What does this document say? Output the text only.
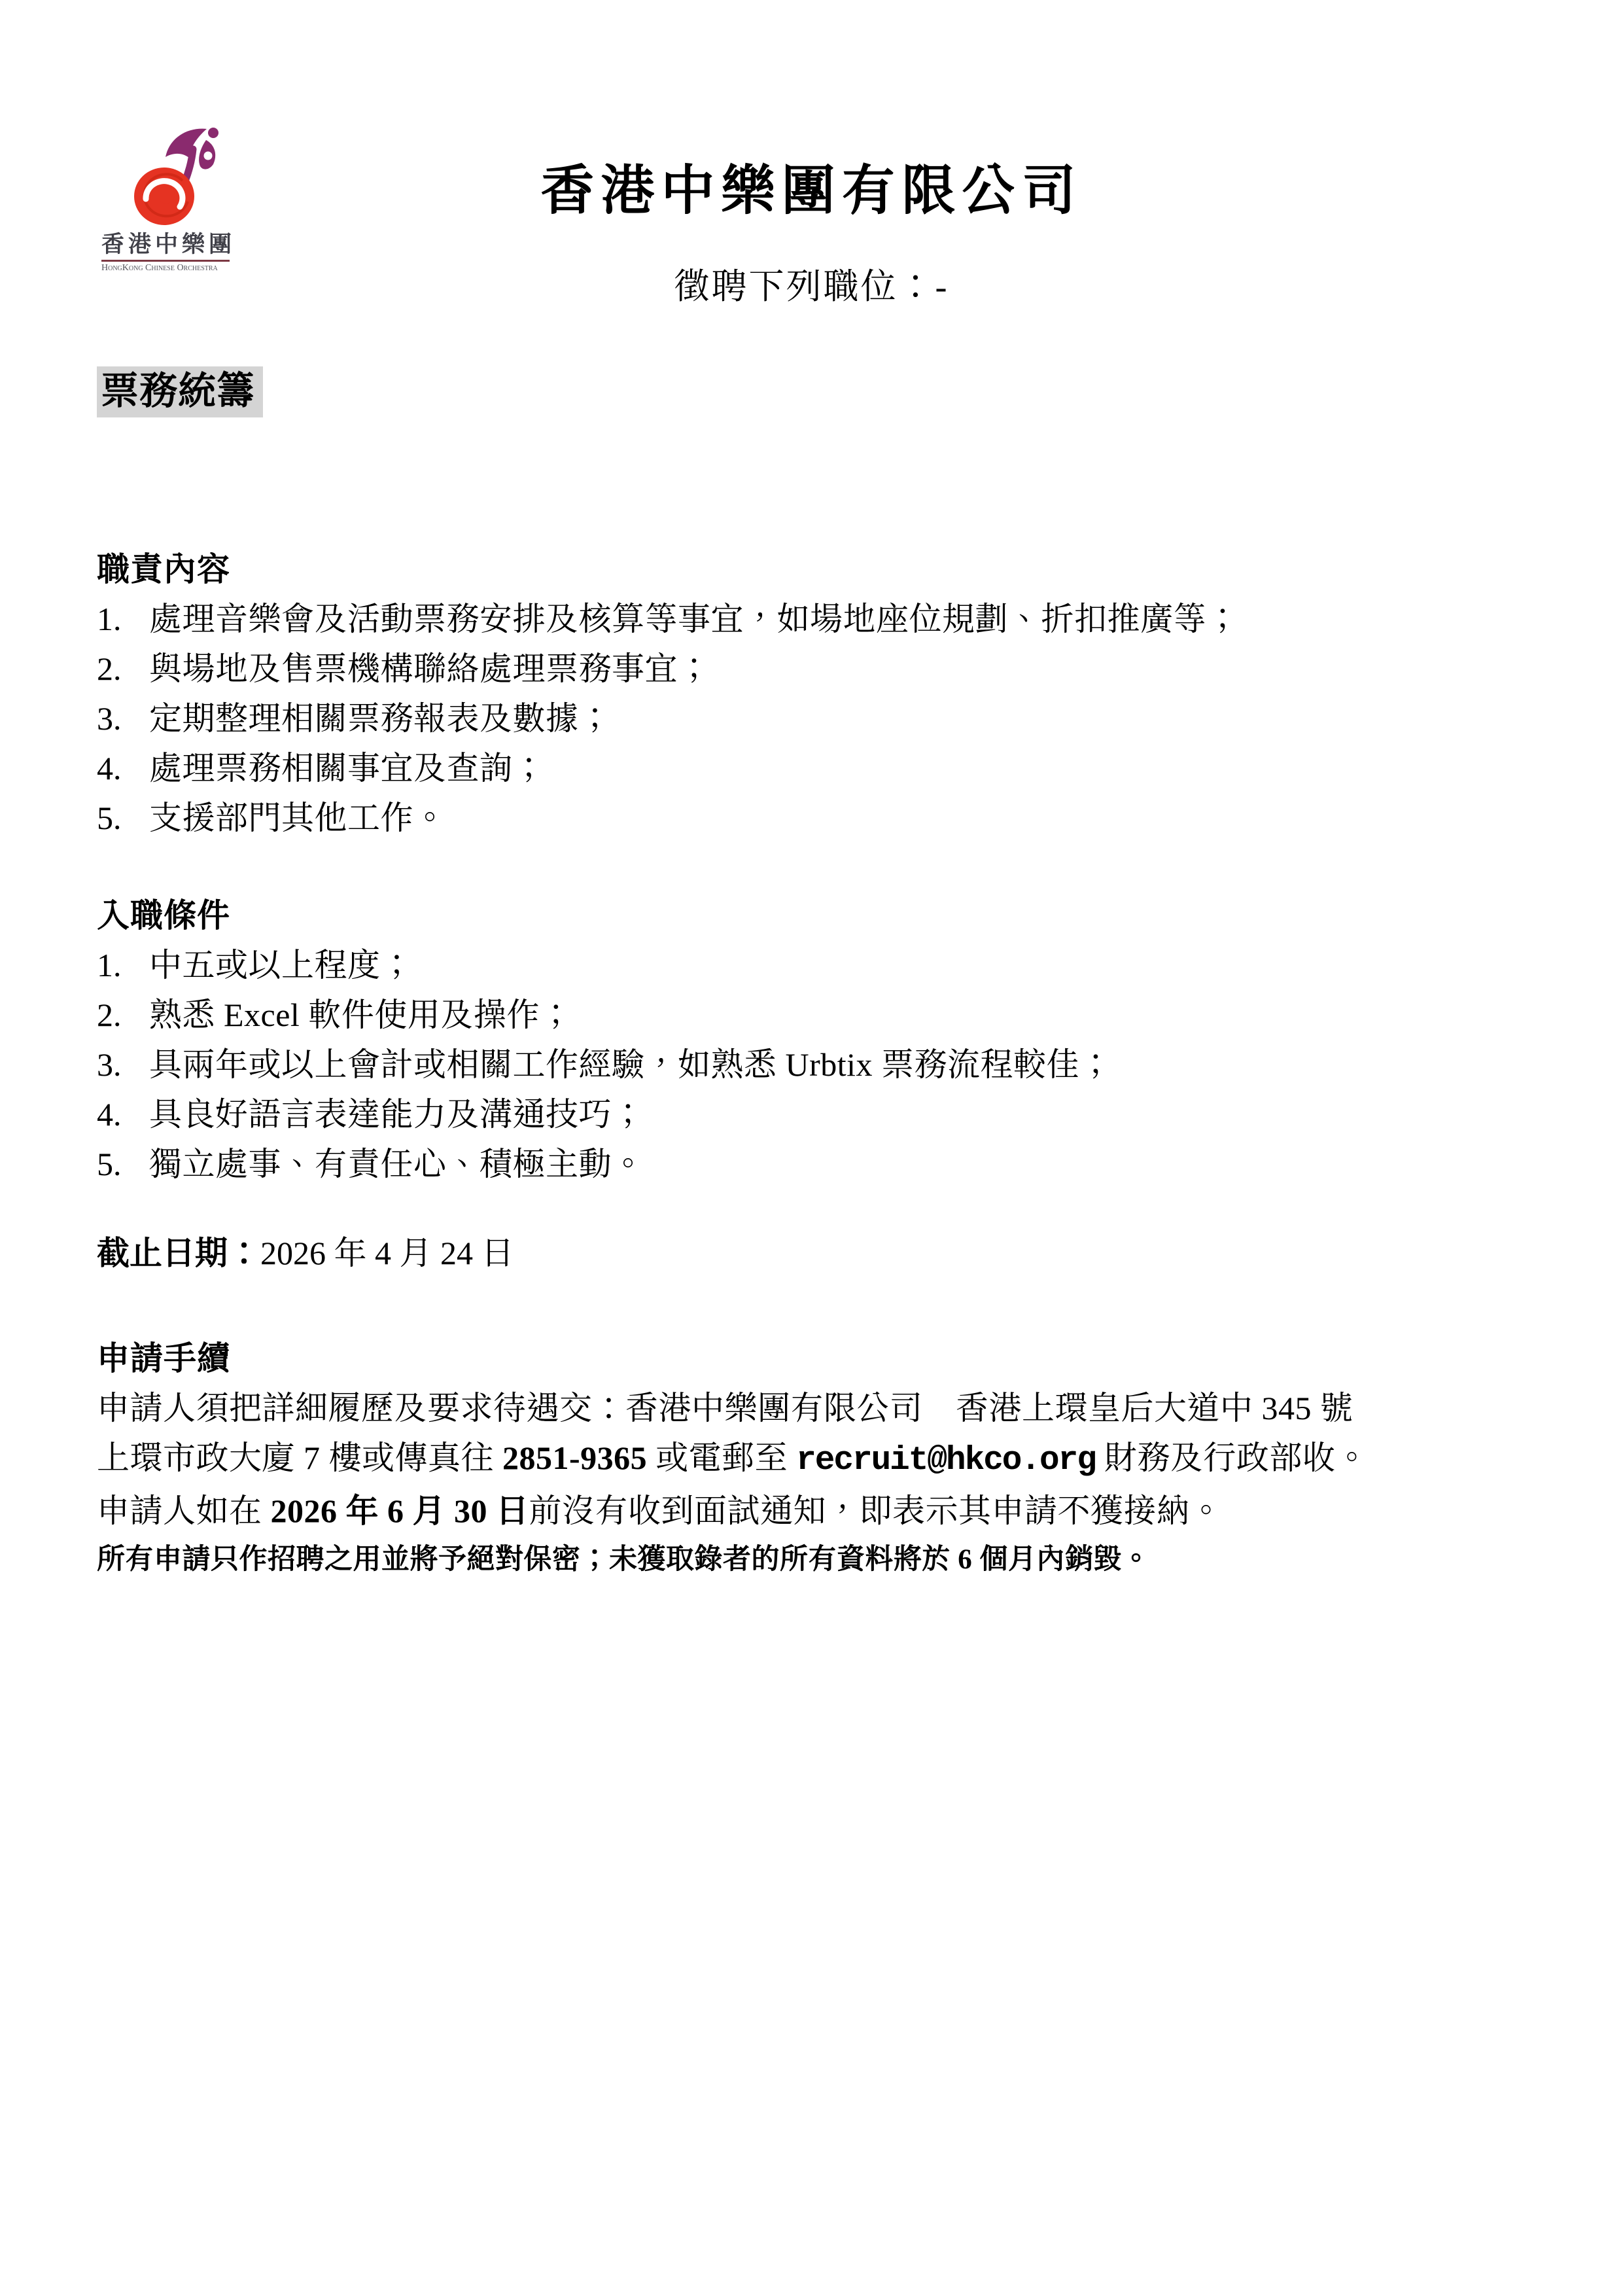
香港中樂團
HongKong Chinese Orchestra
香港中樂團有限公司
徵聘下列職位：-
票務統籌
職責內容
1. 處理音樂會及活動票務安排及核算等事宜，如場地座位規劃、折扣推廣等；
2. 與場地及售票機構聯絡處理票務事宜；
3. 定期整理相關票務報表及數據；
4. 處理票務相關事宜及查詢；
5. 支援部門其他工作。
入職條件
1. 中五或以上程度；
2. 熟悉 Excel 軟件使用及操作；
3. 具兩年或以上會計或相關工作經驗，如熟悉 Urbtix 票務流程較佳；
4. 具良好語言表達能力及溝通技巧；
5. 獨立處事、有責任心、積極主動。
截止日期：2026 年 4 月 24 日
申請手續
申請人須把詳細履歷及要求待遇交：香港中樂團有限公司　香港上環皇后大道中 345 號
上環市政大廈 7 樓或傳真往 2851-9365 或電郵至 recruit@hkco.org 財務及行政部收。
申請人如在 2026 年 6 月 30 日前沒有收到面試通知，即表示其申請不獲接納。
所有申請只作招聘之用並將予絕對保密；未獲取錄者的所有資料將於 6 個月內銷毀。
